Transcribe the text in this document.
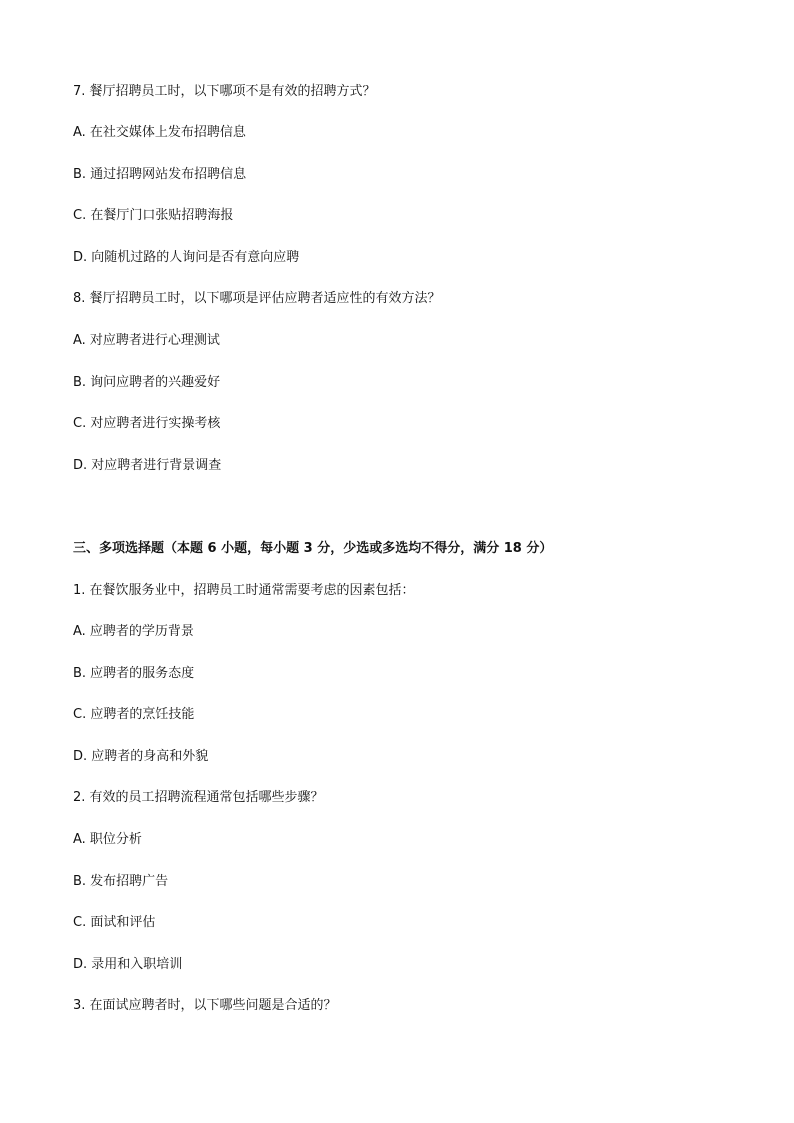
7. 餐厅招聘员工时，以下哪项不是有效的招聘方式？
A. 在社交媒体上发布招聘信息
B. 通过招聘网站发布招聘信息
C. 在餐厅门口张贴招聘海报
D. 向随机过路的人询问是否有意向应聘
8. 餐厅招聘员工时，以下哪项是评估应聘者适应性的有效方法？
A. 对应聘者进行心理测试
B. 询问应聘者的兴趣爱好
C. 对应聘者进行实操考核
D. 对应聘者进行背景调查
三、多项选择题（本题 6 小题，每小题 3 分，少选或多选均不得分，满分 18 分）
1. 在餐饮服务业中，招聘员工时通常需要考虑的因素包括：
A. 应聘者的学历背景
B. 应聘者的服务态度
C. 应聘者的烹饪技能
D. 应聘者的身高和外貌
2. 有效的员工招聘流程通常包括哪些步骤？
A. 职位分析
B. 发布招聘广告
C. 面试和评估
D. 录用和入职培训
3. 在面试应聘者时，以下哪些问题是合适的？
